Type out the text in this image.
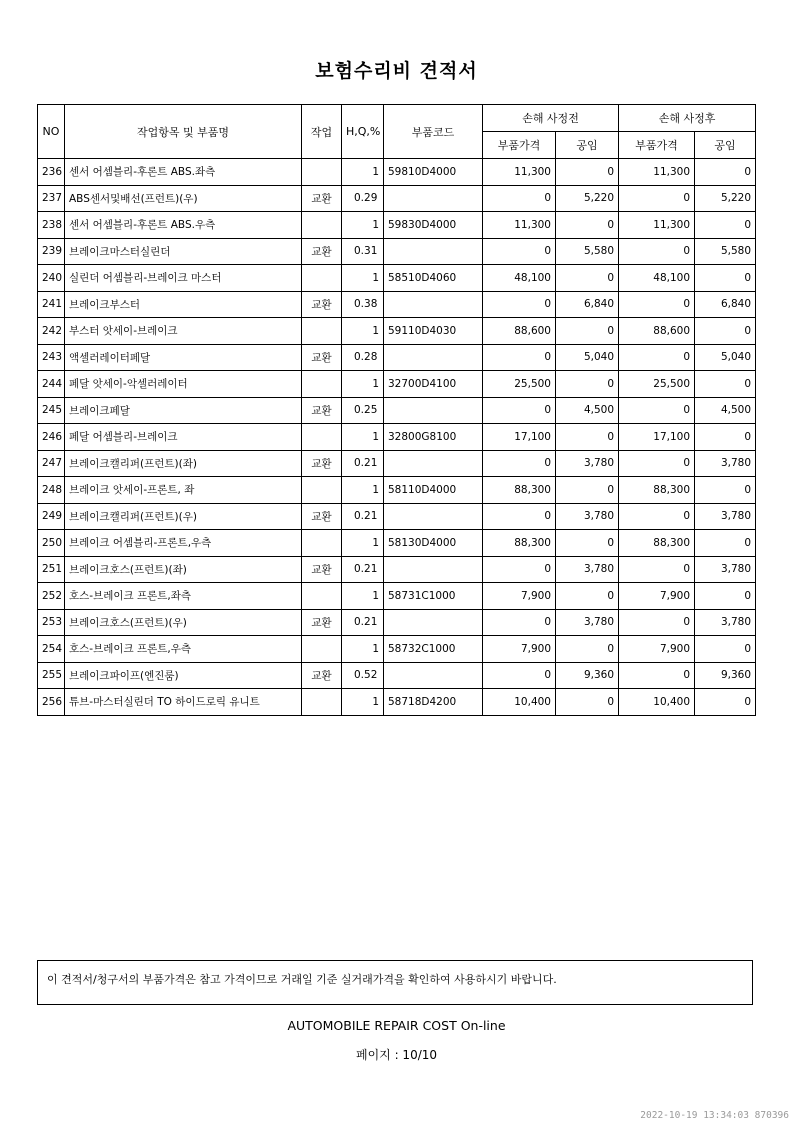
보험수리비 견적서
NO	작업항목 및 부품명	작업	H,Q,%	부품코드	손해 사정전		손해 사정후	
					부품가격	공임	부품가격	공임
236	센서 어셈블리-후론트 ABS.좌측		1	59810D4000	11,300	0	11,300	0
237	ABS센서및배선(프런트)(우)	교환	0.29		0	5,220	0	5,220
238	센서 어셈블리-후론트 ABS.우측		1	59830D4000	11,300	0	11,300	0
239	브레이크마스터실린더	교환	0.31		0	5,580	0	5,580
240	실린더 어셈블리-브레이크 마스터		1	58510D4060	48,100	0	48,100	0
241	브레이크부스터	교환	0.38		0	6,840	0	6,840
242	부스터 앗세이-브레이크		1	59110D4030	88,600	0	88,600	0
243	액셀러레이터페달	교환	0.28		0	5,040	0	5,040
244	페달 앗세이-악셀러레이터		1	32700D4100	25,500	0	25,500	0
245	브레이크페달	교환	0.25		0	4,500	0	4,500
246	페달 어셈블리-브레이크		1	32800G8100	17,100	0	17,100	0
247	브레이크캘리퍼(프런트)(좌)	교환	0.21		0	3,780	0	3,780
248	브레이크 앗세이-프론트, 좌		1	58110D4000	88,300	0	88,300	0
249	브레이크캘리퍼(프런트)(우)	교환	0.21		0	3,780	0	3,780
250	브레이크 어셈블리-프론트,우측		1	58130D4000	88,300	0	88,300	0
251	브레이크호스(프런트)(좌)	교환	0.21		0	3,780	0	3,780
252	호스-브레이크 프론트,좌측		1	58731C1000	7,900	0	7,900	0
253	브레이크호스(프런트)(우)	교환	0.21		0	3,780	0	3,780
254	호스-브레이크 프론트,우측		1	58732C1000	7,900	0	7,900	0
255	브레이크파이프(엔진룸)	교환	0.52		0	9,360	0	9,360
256	튜브-마스터실린더 TO 하이드로릭 유니트		1	58718D4200	10,400	0	10,400	0
이 견적서/청구서의 부품가격은 참고 가격이므로 거래일 기준 실거래가격을 확인하여 사용하시기 바랍니다.
AUTOMOBILE REPAIR COST On-line
페이지 : 10/10
2022-10-19 13:34:03 870396
